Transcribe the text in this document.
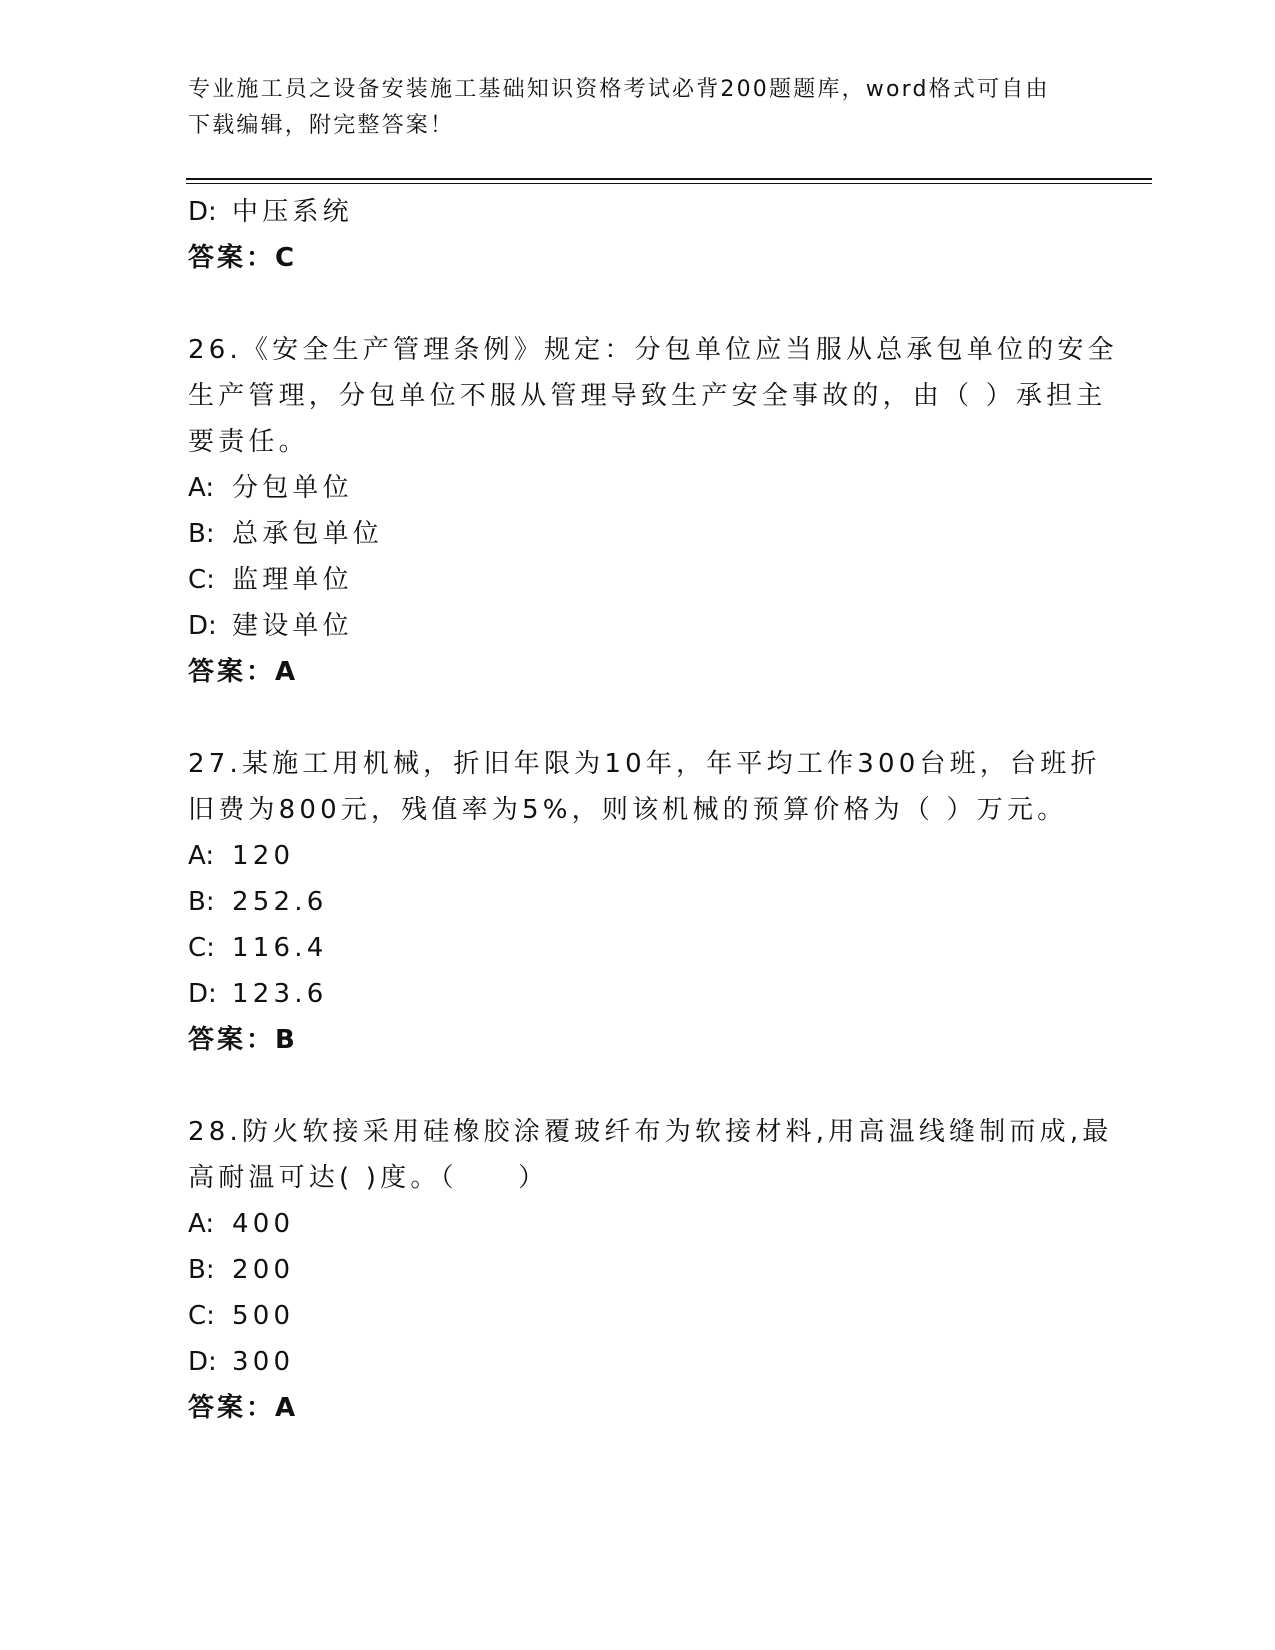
专业施工员之设备安装施工基础知识资格考试必背200题题库，word格式可自由
下载编辑，附完整答案！
D: 中压系统
答案：C
26.《安全生产管理条例》规定：分包单位应当服从总承包单位的安全
生产管理，分包单位不服从管理导致生产安全事故的，由（ ）承担主
要责任。
A: 分包单位
B: 总承包单位
C: 监理单位
D: 建设单位
答案：A
27.某施工用机械，折旧年限为10年，年平均工作300台班，台班折
旧费为800元，残值率为5%，则该机械的预算价格为（ ）万元。
A: 120
B: 252.6
C: 116.4
D: 123.6
答案：B
28.防火软接采用硅橡胶涂覆玻纤布为软接材料,用高温线缝制而成,最
高耐温可达( )度。（　　）
A: 400
B: 200
C: 500
D: 300
答案：A
